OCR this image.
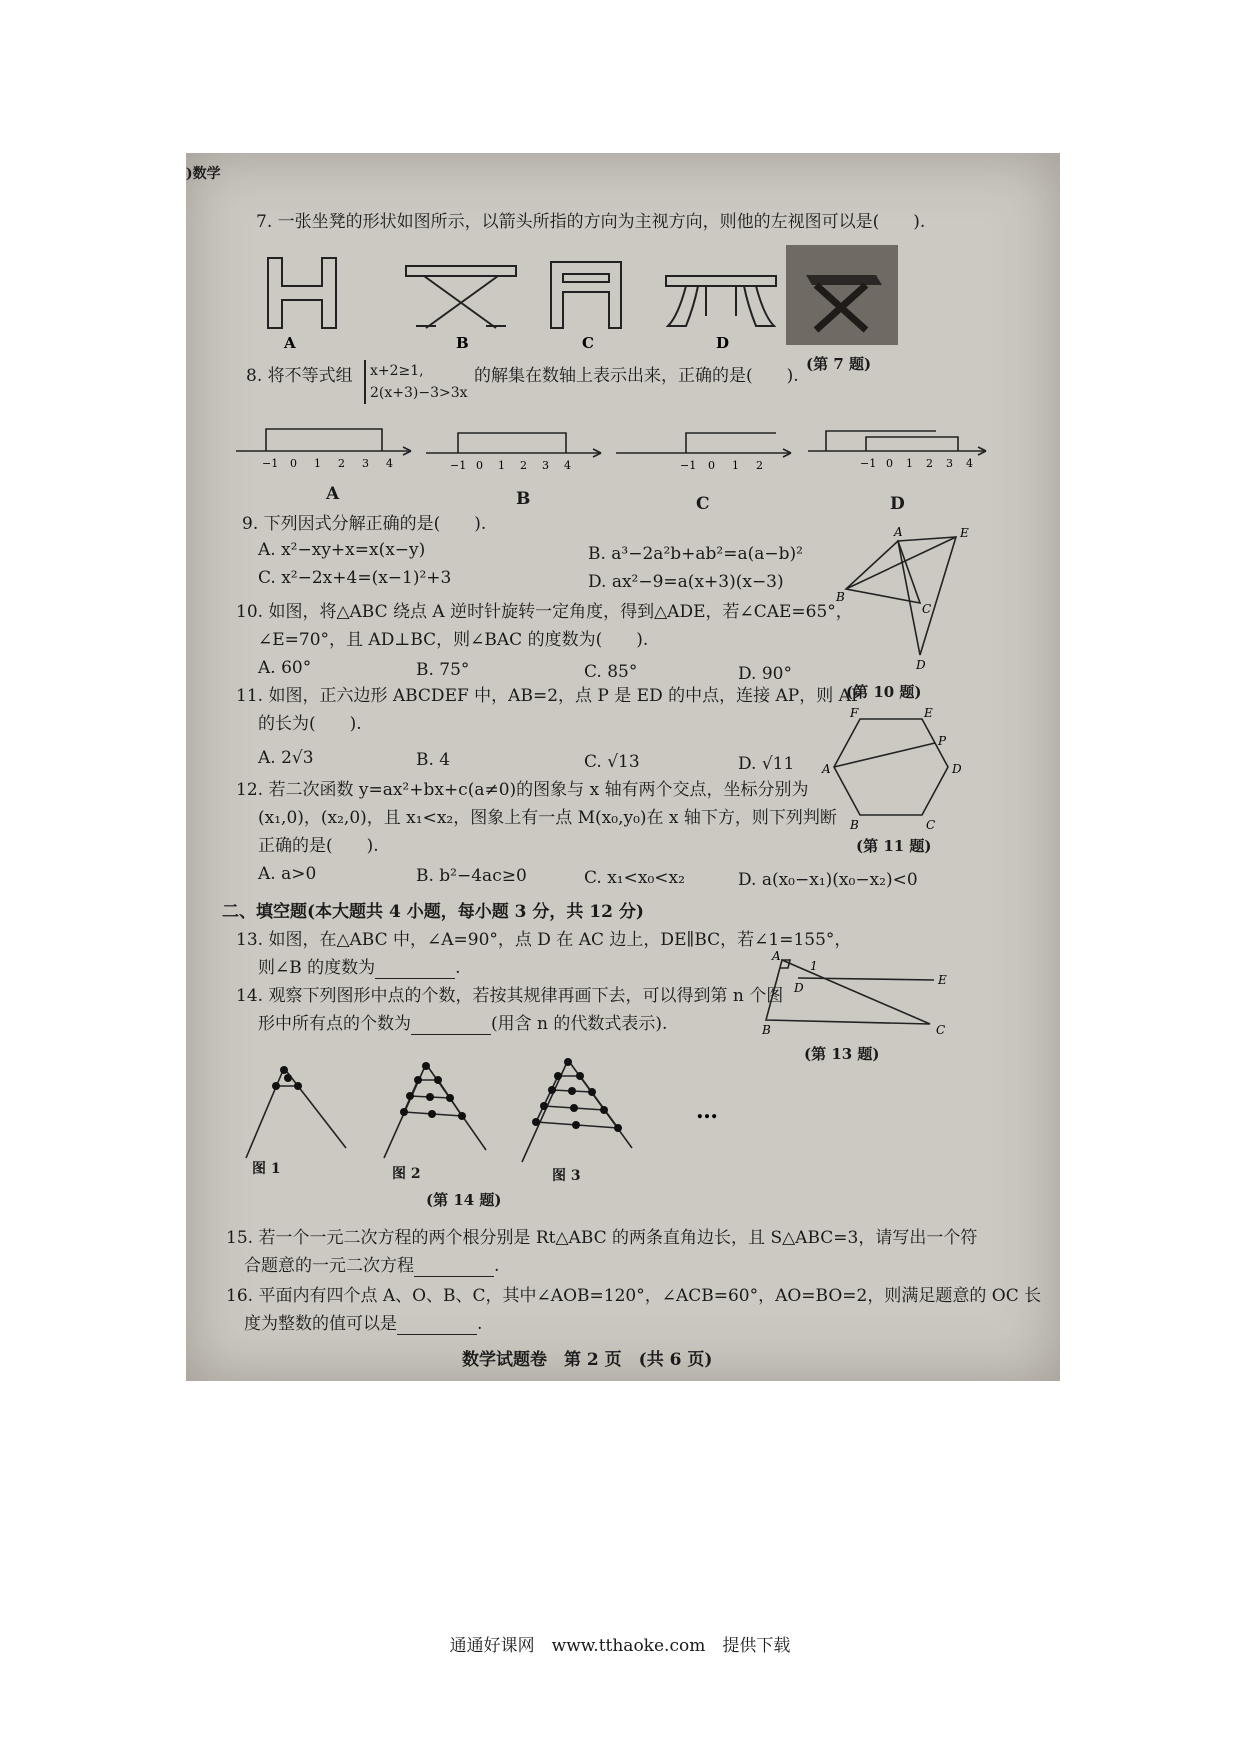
)数学
7. 一张坐凳的形状如图所示，以箭头所指的方向为主视方向，则他的左视图可以是(　　).
A	B	C	D
(第 7 题)
8. 将不等式组 x+2≥1,
2(x+3)−3>3x
的解集在数轴上表示出来，正确的是(　　).
−1 0 1 2 3 4	−1 0 1 2 3 4	−1 0 1 2	−1 0 1 2 3 4
A	B	C	D
9. 下列因式分解正确的是(　　).
A. x²−xy+x=x(x−y)	B. a³−2a²b+ab²=a(a−b)²
C. x²−2x+4=(x−1)²+3	D. ax²−9=a(x+3)(x−3)
A	E
B
C
D
(第 10 题)
10. 如图，将△ABC 绕点 A 逆时针旋转一定角度，得到△ADE，若∠CAE=65°，
∠E=70°，且 AD⊥BC，则∠BAC 的度数为(　　).
A. 60°	B. 75°	C. 85°	D. 90°
11. 如图，正六边形 ABCDEF 中，AB=2，点 P 是 ED 的中点，连接 AP，则 AP
的长为(　　).
A. 2√3	B. 4	C. √13	D. √11
F	E
P
A	D
B	C
(第 11 题)
12. 若二次函数 y=ax²+bx+c(a≠0)的图象与 x 轴有两个交点，坐标分别为
(x₁,0)，(x₂,0)，且 x₁<x₂，图象上有一点 M(x₀,y₀)在 x 轴下方，则下列判断
正确的是(　　).
A. a>0	B. b²−4ac≥0	C. x₁<x₀<x₂	D. a(x₀−x₁)(x₀−x₂)<0
二、填空题(本大题共 4 小题，每小题 3 分，共 12 分)
13. 如图，在△ABC 中，∠A=90°，点 D 在 AC 边上，DE∥BC，若∠1=155°，
则∠B 的度数为	.
A
1
D
E
B	C
(第 13 题)
14. 观察下列图形中点的个数，若按其规律再画下去，可以得到第 n 个图
形中所有点的个数为	(用含 n 的代数式表示).
…
图 1	图 2	图 3
(第 14 题)
15. 若一个一元二次方程的两个根分别是 Rt△ABC 的两条直角边长，且 S△ABC=3，请写出一个符
合题意的一元二次方程	.
16. 平面内有四个点 A、O、B、C，其中∠AOB=120°，∠ACB=60°，AO=BO=2，则满足题意的 OC 长
度为整数的值可以是	.
数学试题卷　第 2 页　(共 6 页)
通通好课网　www.tthaoke.com　提供下载
